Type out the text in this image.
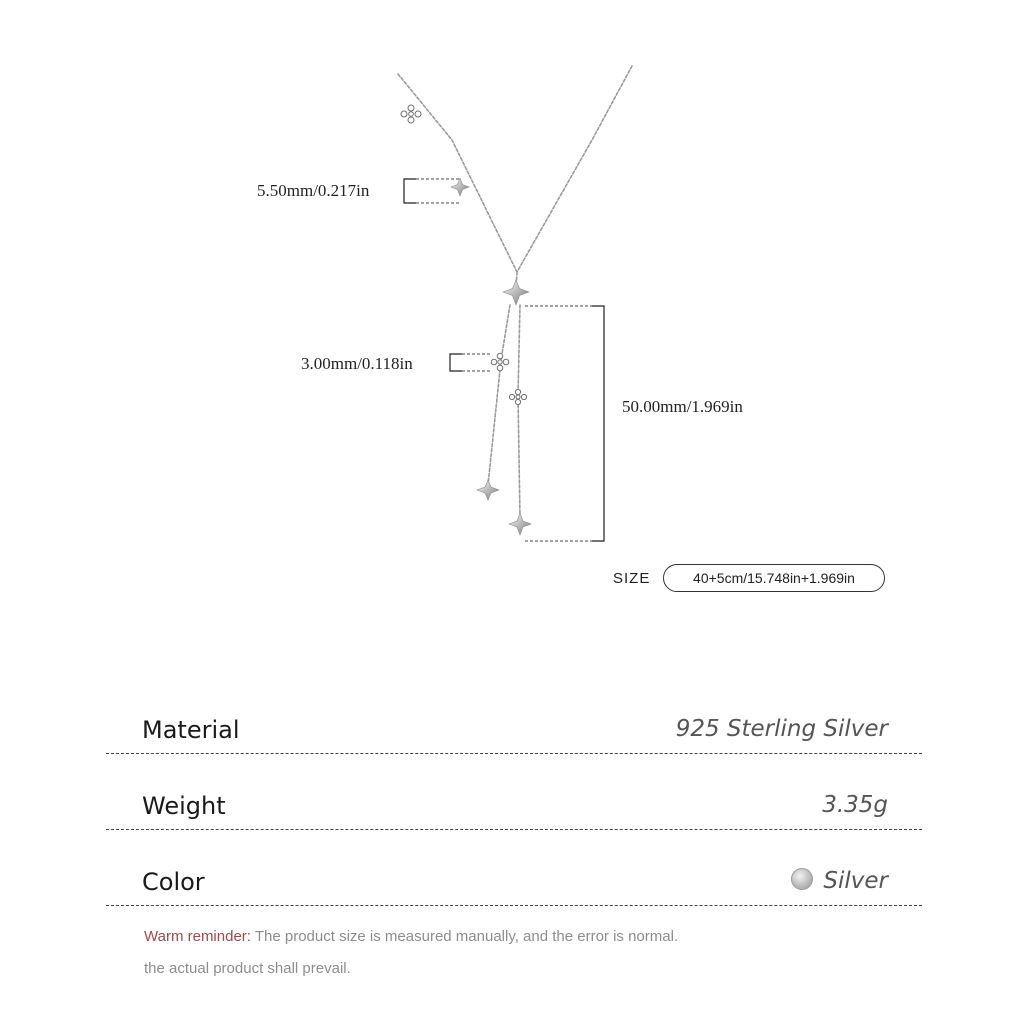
5.50mm/0.217in
3.00mm/0.118in
50.00mm/1.969in
SIZE	40+5cm/15.748in+1.969in
Material	925 Sterling Silver
Weight	3.35g
Color	Silver
Warm reminder: The product size is measured manually, and the error is normal.
the actual product shall prevail.
